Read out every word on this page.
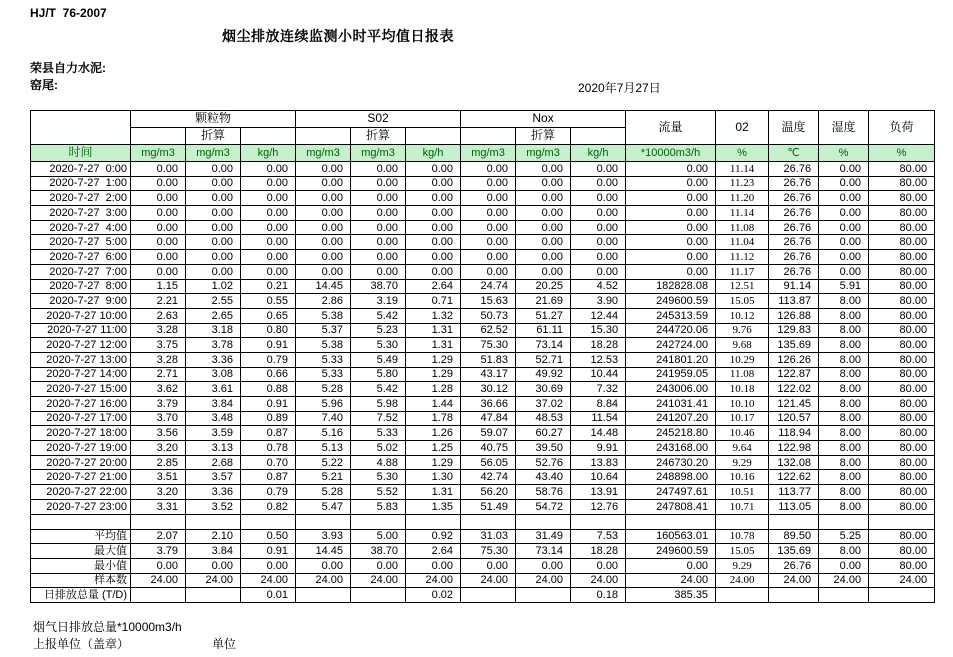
HJ/T  76-2007
烟尘排放连续监测小时平均值日报表
荣县自力水泥:
窑尾:	2020年7月27日
	颗粒物			S02			Nox			流量	02	温度	湿度	负荷
		折算			折算			折算						
时间	mg/m3	mg/m3	kg/h	mg/m3	mg/m3	kg/h	mg/m3	mg/m3	kg/h	*10000m3/h	%	℃	%	%
2020-7-27  0:00	0.00	0.00	0.00	0.00	0.00	0.00	0.00	0.00	0.00	0.00	11.14	26.76	0.00	80.00
2020-7-27  1:00	0.00	0.00	0.00	0.00	0.00	0.00	0.00	0.00	0.00	0.00	11.23	26.76	0.00	80.00
2020-7-27  2:00	0.00	0.00	0.00	0.00	0.00	0.00	0.00	0.00	0.00	0.00	11.20	26.76	0.00	80.00
2020-7-27  3:00	0.00	0.00	0.00	0.00	0.00	0.00	0.00	0.00	0.00	0.00	11.14	26.76	0.00	80.00
2020-7-27  4:00	0.00	0.00	0.00	0.00	0.00	0.00	0.00	0.00	0.00	0.00	11.08	26.76	0.00	80.00
2020-7-27  5:00	0.00	0.00	0.00	0.00	0.00	0.00	0.00	0.00	0.00	0.00	11.04	26.76	0.00	80.00
2020-7-27  6:00	0.00	0.00	0.00	0.00	0.00	0.00	0.00	0.00	0.00	0.00	11.12	26.76	0.00	80.00
2020-7-27  7:00	0.00	0.00	0.00	0.00	0.00	0.00	0.00	0.00	0.00	0.00	11.17	26.76	0.00	80.00
2020-7-27  8:00	1.15	1.02	0.21	14.45	38.70	2.64	24.74	20.25	4.52	182828.08	12.51	91.14	5.91	80.00
2020-7-27  9:00	2.21	2.55	0.55	2.86	3.19	0.71	15.63	21.69	3.90	249600.59	15.05	113.87	8.00	80.00
2020-7-27 10:00	2.63	2.65	0.65	5.38	5.42	1.32	50.73	51.27	12.44	245313.59	10.12	126.88	8.00	80.00
2020-7-27 11:00	3.28	3.18	0.80	5.37	5.23	1.31	62.52	61.11	15.30	244720.06	9.76	129.83	8.00	80.00
2020-7-27 12:00	3.75	3.78	0.91	5.38	5.30	1.31	75.30	73.14	18.28	242724.00	9.68	135.69	8.00	80.00
2020-7-27 13:00	3.28	3.36	0.79	5.33	5.49	1.29	51.83	52.71	12.53	241801.20	10.29	126.26	8.00	80.00
2020-7-27 14:00	2.71	3.08	0.66	5.33	5.80	1.29	43.17	49.92	10.44	241959.05	11.08	122.87	8.00	80.00
2020-7-27 15:00	3.62	3.61	0.88	5.28	5.42	1.28	30.12	30.69	7.32	243006.00	10.18	122.02	8.00	80.00
2020-7-27 16:00	3.79	3.84	0.91	5.96	5.98	1.44	36.66	37.02	8.84	241031.41	10.10	121.45	8.00	80.00
2020-7-27 17:00	3.70	3.48	0.89	7.40	7.52	1.78	47.84	48.53	11.54	241207.20	10.17	120.57	8.00	80.00
2020-7-27 18:00	3.56	3.59	0.87	5.16	5.33	1.26	59.07	60.27	14.48	245218.80	10.46	118.94	8.00	80.00
2020-7-27 19:00	3.20	3.13	0.78	5.13	5.02	1.25	40.75	39.50	9.91	243168.00	9.64	122.98	8.00	80.00
2020-7-27 20:00	2.85	2.68	0.70	5.22	4.88	1.29	56.05	52.76	13.83	246730.20	9.29	132.08	8.00	80.00
2020-7-27 21:00	3.51	3.57	0.87	5.21	5.30	1.30	42.74	43.40	10.64	248898.00	10.16	122.62	8.00	80.00
2020-7-27 22:00	3.20	3.36	0.79	5.28	5.52	1.31	56.20	58.76	13.91	247497.61	10.51	113.77	8.00	80.00
2020-7-27 23:00	3.31	3.52	0.82	5.47	5.83	1.35	51.49	54.72	12.76	247808.41	10.71	113.05	8.00	80.00

平均值	2.07	2.10	0.50	3.93	5.00	0.92	31.03	31.49	7.53	160563.01	10.78	89.50	5.25	80.00
最大值	3.79	3.84	0.91	14.45	38.70	2.64	75.30	73.14	18.28	249600.59	15.05	135.69	8.00	80.00
最小值	0.00	0.00	0.00	0.00	0.00	0.00	0.00	0.00	0.00	0.00	9.29	26.76	0.00	80.00
样本数	24.00	24.00	24.00	24.00	24.00	24.00	24.00	24.00	24.00	24.00	24.00	24.00	24.00	24.00
日排放总量 (T/D)			0.01			0.02			0.18	385.35				
烟气日排放总量*10000m3/h
上报单位（盖章）	单位
